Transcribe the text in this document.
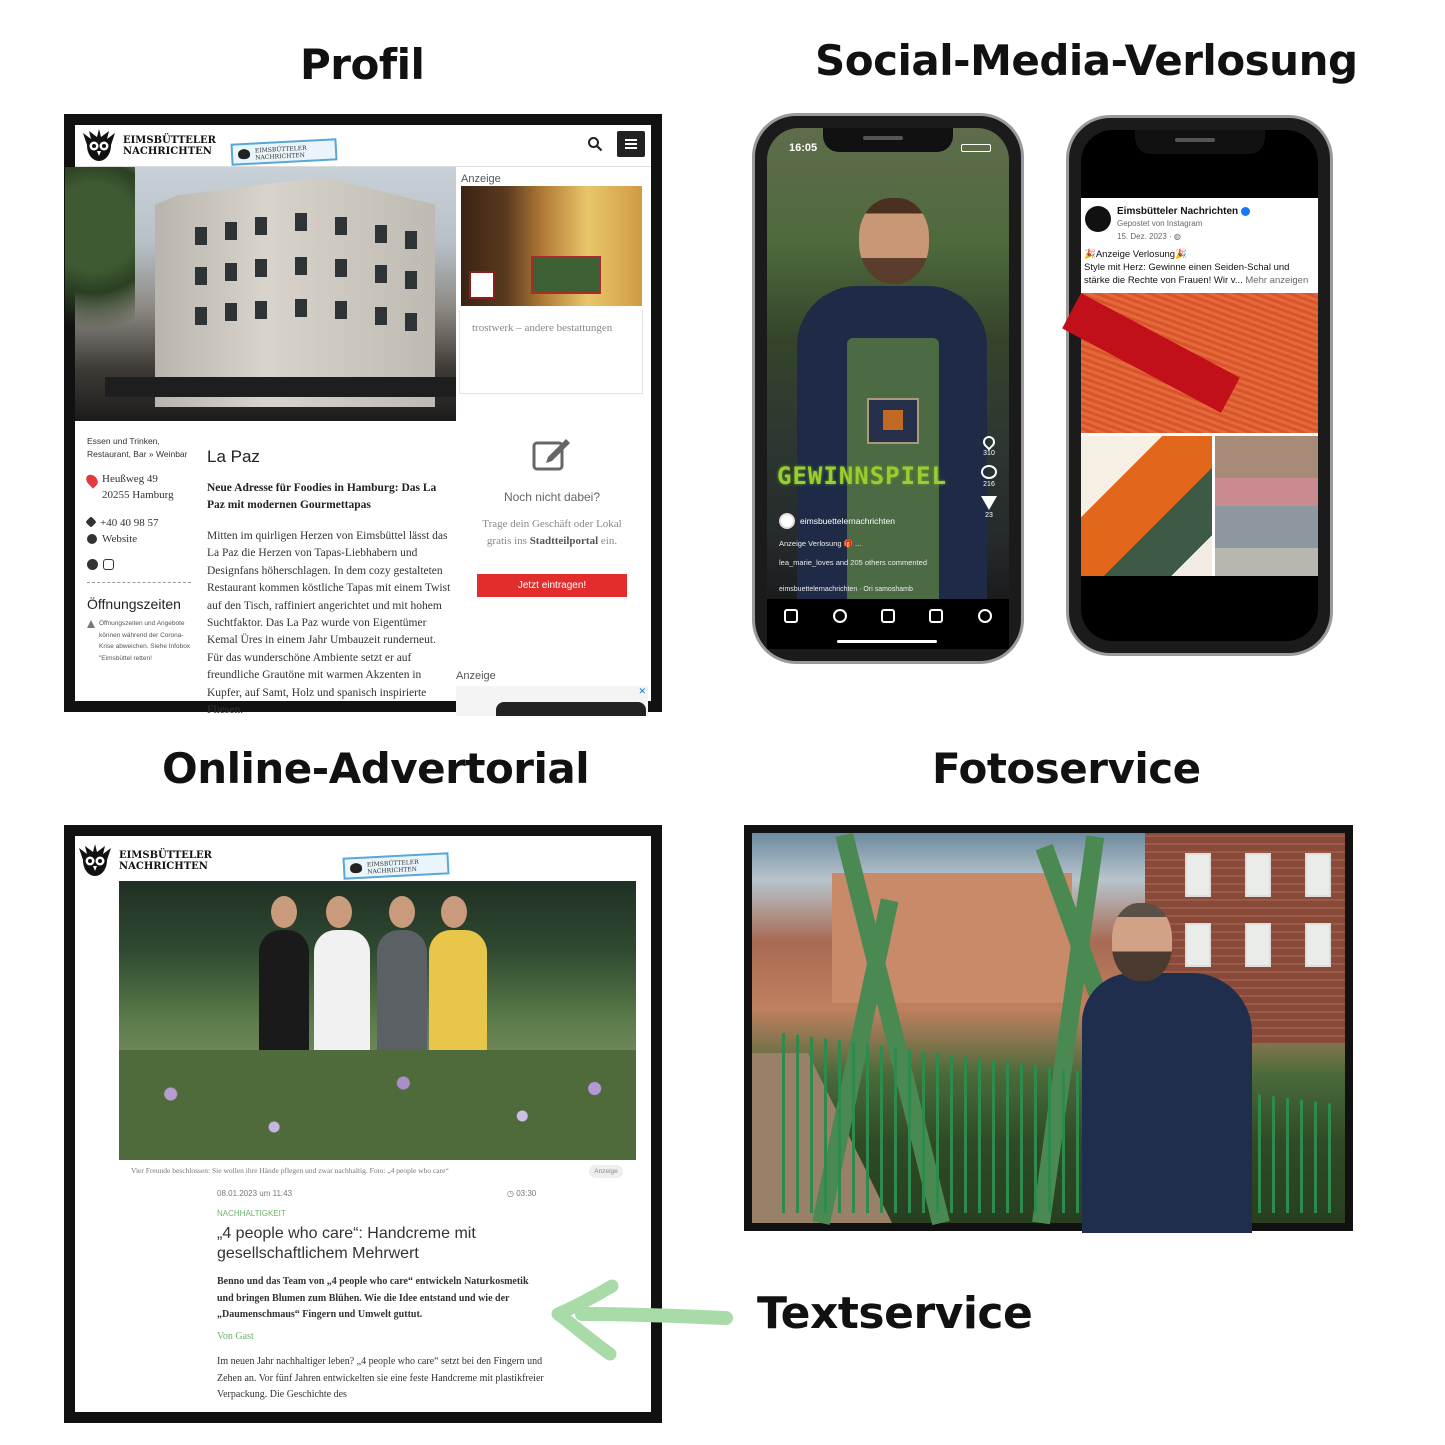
Profil	Social-Media-Verlosung
Online-Advertorial	Fotoservice
Textservice
EIMSBÜTTELER
NACHRICHTEN	EIMSBÜTTELER
NACHRICHTEN
Anzeige
trostwerk – andere bestattungen
Essen und Trinken, Restaurant, Bar » Weinbar
Heußweg 49
20255 Hamburg
+40 40 98 57
Website
Öffnungszeiten
Öffnungszeiten und Angebote können während der Corona-Krise abweichen. Siehe Infobox "Eimsbüttel retten!
La Paz
Neue Adresse für Foodies in Hamburg: Das La Paz mit modernen Gourmettapas
Mitten im quirligen Herzen von Eimsbüttel lässt das La Paz die Herzen von Tapas-Liebhabern und Designfans höherschlagen. In dem cozy gestalteten Restaurant kommen köstliche Tapas mit einem Twist auf den Tisch, raffiniert angerichtet und mit hohem Suchtfaktor. Das La Paz wurde von Eigentümer Kemal Üres in einem Jahr Umbauzeit runderneut. Für das wunderschöne Ambiente setzt er auf freundliche Grautöne mit warmen Akzenten in Kupfer, auf Samt, Holz und spanisch inspirierte Fliesen.
Noch nicht dabei?
Trage dein Geschäft oder Lokal gratis ins Stadtteilportal ein.
Jetzt eintragen!
Anzeige
✕
16:05
GEWINNSPIEL
310
216
23
eimsbuettelernachrichten
Anzeige Verlosung 🎁 ...
lea_marie_loves and 205 others commented
eimsbuettelernachrichten · Ori samoshamb
Eimsbütteler Nachrichten
Gepostet von Instagram
15. Dez. 2023 · ◍
🎉Anzeige Verlosung🎉
Style mit Herz: Gewinne einen Seiden-Schal und
stärke die Rechte von Frauen! Wir v... Mehr anzeigen
EIMSBÜTTELER
NACHRICHTEN	EIMSBÜTTELER
NACHRICHTEN
Vier Freunde beschlossen: Sie wollen ihre Hände pflegen und zwar nachhaltig. Foto: „4 people who care“	Anzeige
08.01.2023 um 11:43	◷ 03:30
NACHHALTIGKEIT
„4 people who care“: Handcreme mit gesellschaftlichem Mehrwert
Benno und das Team von „4 people who care“ entwickeln Naturkosmetik und bringen Blumen zum Blühen. Wie die Idee entstand und wie der „Daumenschmaus“ Fingern und Umwelt guttut.
Von Gast
Im neuen Jahr nachhaltiger leben? „4 people who care“ setzt bei den Fingern und Zehen an. Vor fünf Jahren entwickelten sie eine feste Handcreme mit plastikfreier Verpackung. Die Geschichte des
